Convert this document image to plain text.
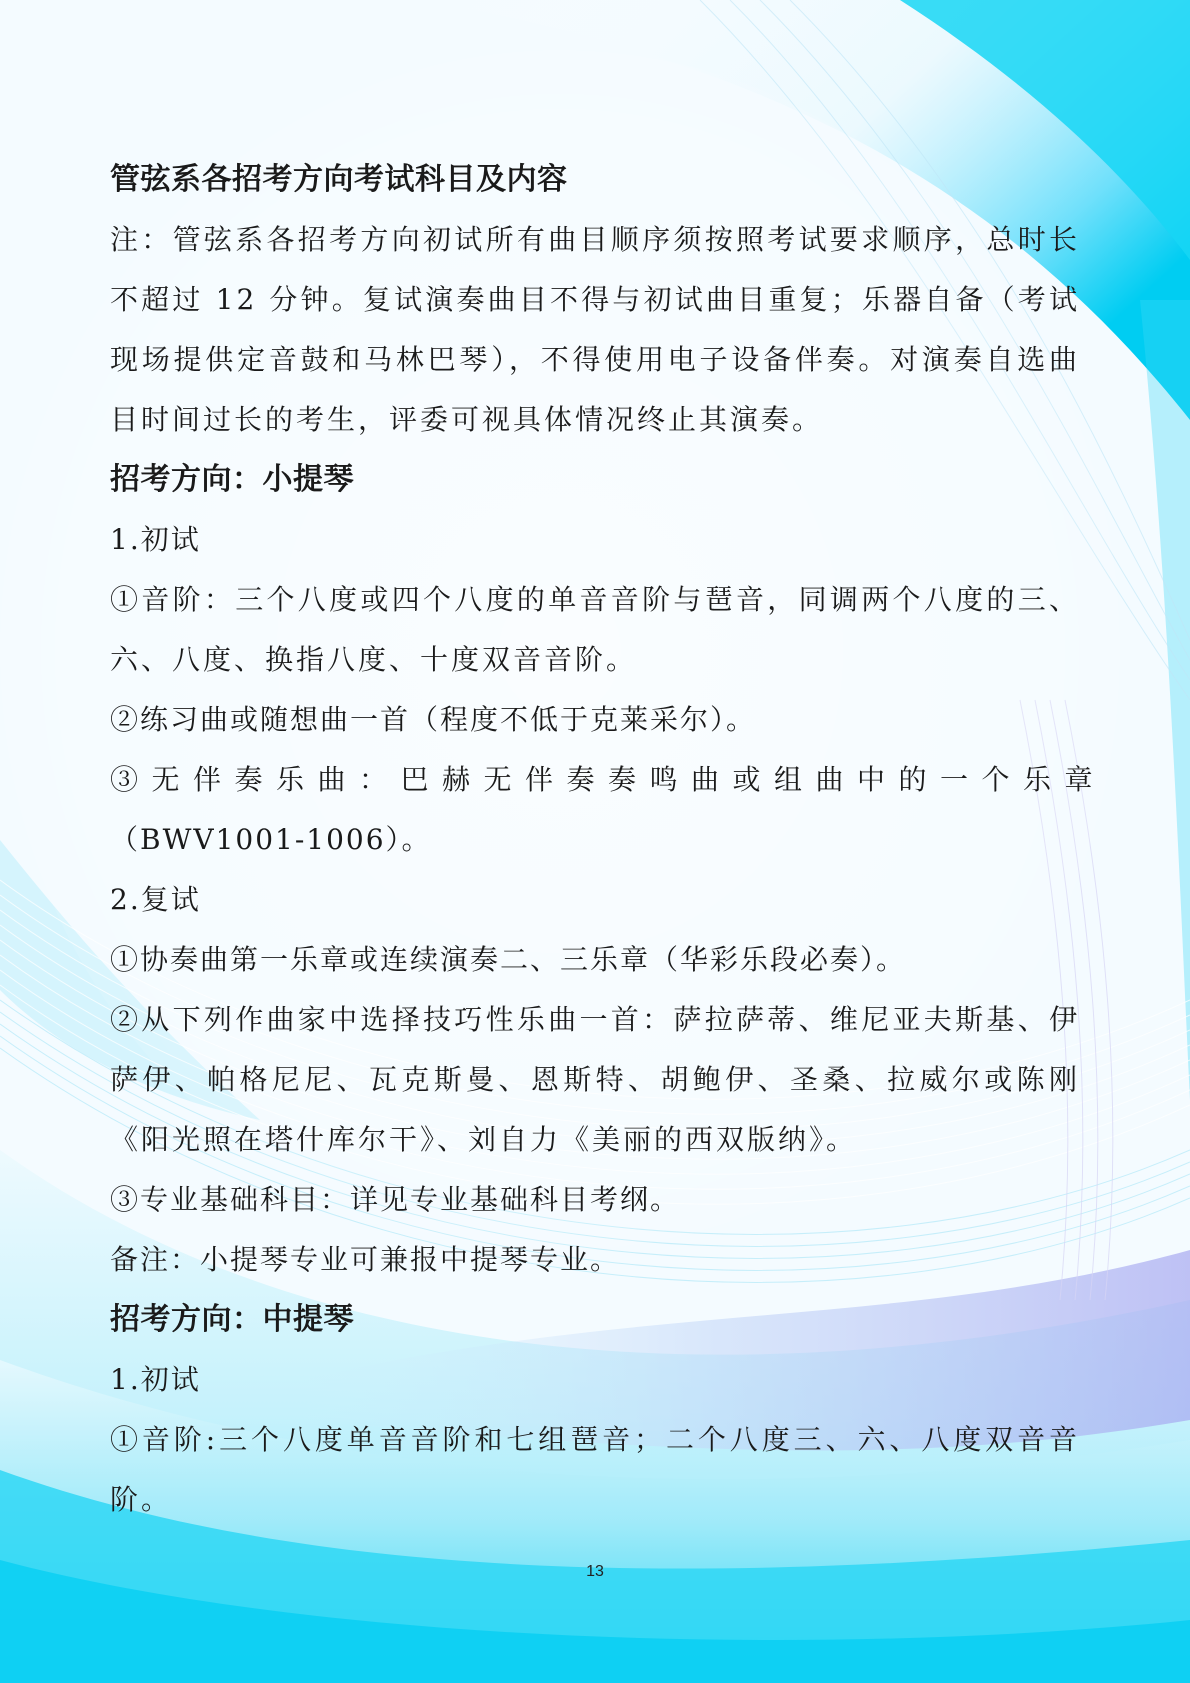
管弦系各招考方向考试科目及内容

注：管弦系各招考方向初试所有曲目顺序须按照考试要求顺序，总时长不超过 12 分钟。复试演奏曲目不得与初试曲目重复；乐器自备（考试现场提供定音鼓和马林巴琴），不得使用电子设备伴奏。对演奏自选曲目时间过长的考生，评委可视具体情况终止其演奏。

招考方向：小提琴
1.初试

①音阶：三个八度或四个八度的单音音阶与琶音，同调两个八度的三、六、八度、换指八度、十度双音音阶。

②练习曲或随想曲一首（程度不低于克莱采尔）。
③无伴奏乐曲：巴赫无伴奏奏鸣曲或组曲中的一个乐章
（BWV1001-1006）。
2.复试
①协奏曲第一乐章或连续演奏二、三乐章（华彩乐段必奏）。

②从下列作曲家中选择技巧性乐曲一首：萨拉萨蒂、维尼亚夫斯基、伊萨伊、帕格尼尼、瓦克斯曼、恩斯特、胡鲍伊、圣桑、拉威尔或陈刚《阳光照在塔什库尔干》、刘自力《美丽的西双版纳》。

③专业基础科目：详见专业基础科目考纲。
备注：小提琴专业可兼报中提琴专业。
招考方向：中提琴
1.初试

①音阶:三个八度单音音阶和七组琶音；二个八度三、六、八度双音音阶。

13
